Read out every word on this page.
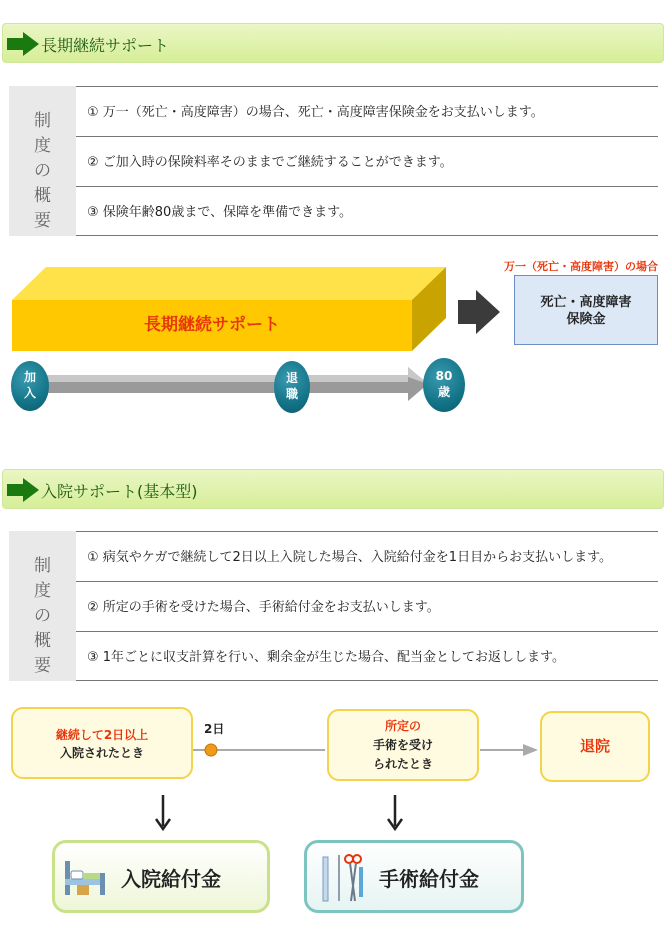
長期継続サポート
制
度
の
概
要
① 万一（死亡・高度障害）の場合、死亡・高度障害保険金をお支払いします。
② ご加入時の保険料率そのままでご継続することができます。
③ 保険年齢80歳まで、保障を準備できます。
長期継続サポート
万一（死亡・高度障害）の場合
死亡・高度障害
保険金
加
入
退
職
80
歳
入院サポート(基本型)
制
度
の
概
要
① 病気やケガで継続して2日以上入院した場合、入院給付金を1日目からお支払いします。
② 所定の手術を受けた場合、手術給付金をお支払いします。
③ 1年ごとに収支計算を行い、剰余金が生じた場合、配当金としてお返しします。
継続して2日以上
入院されたとき
2日	所定の
手術を受け
られたとき
退院
入院給付金	手術給付金
